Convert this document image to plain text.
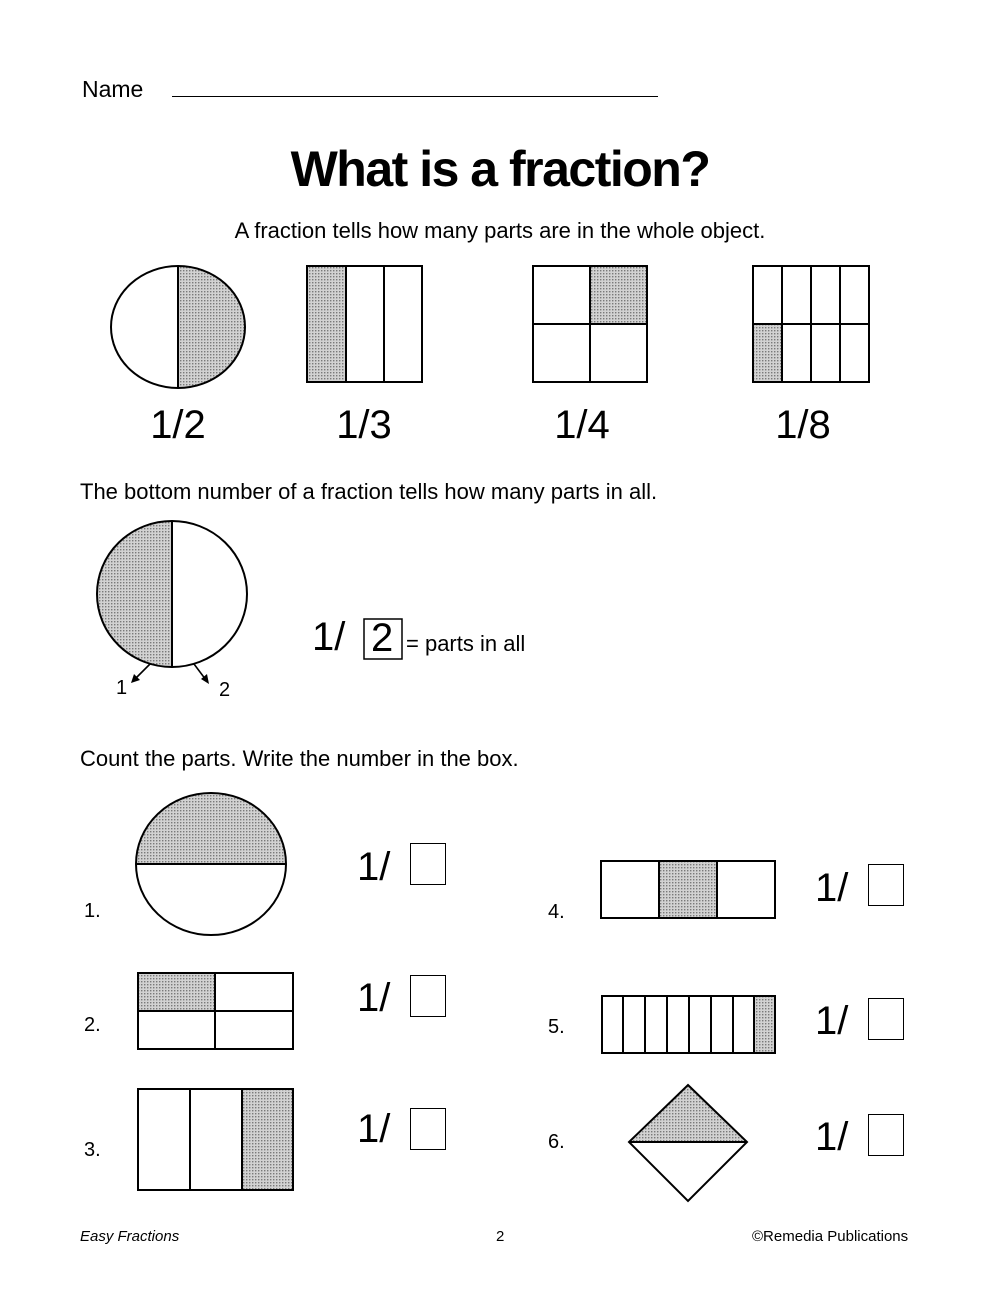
Name
What is a fraction?
A fraction tells how many parts are in the whole object.
1/2	1/3	1/4	1/8
The bottom number of a fraction tells how many parts in all.
1	2
1/ 2 = parts in all
Count the parts. Write the number in the box.
1.
2.
3.
4.
5.
6.
1/
1/
1/
1/
1/
1/
Easy Fractions	2	©Remedia Publications
